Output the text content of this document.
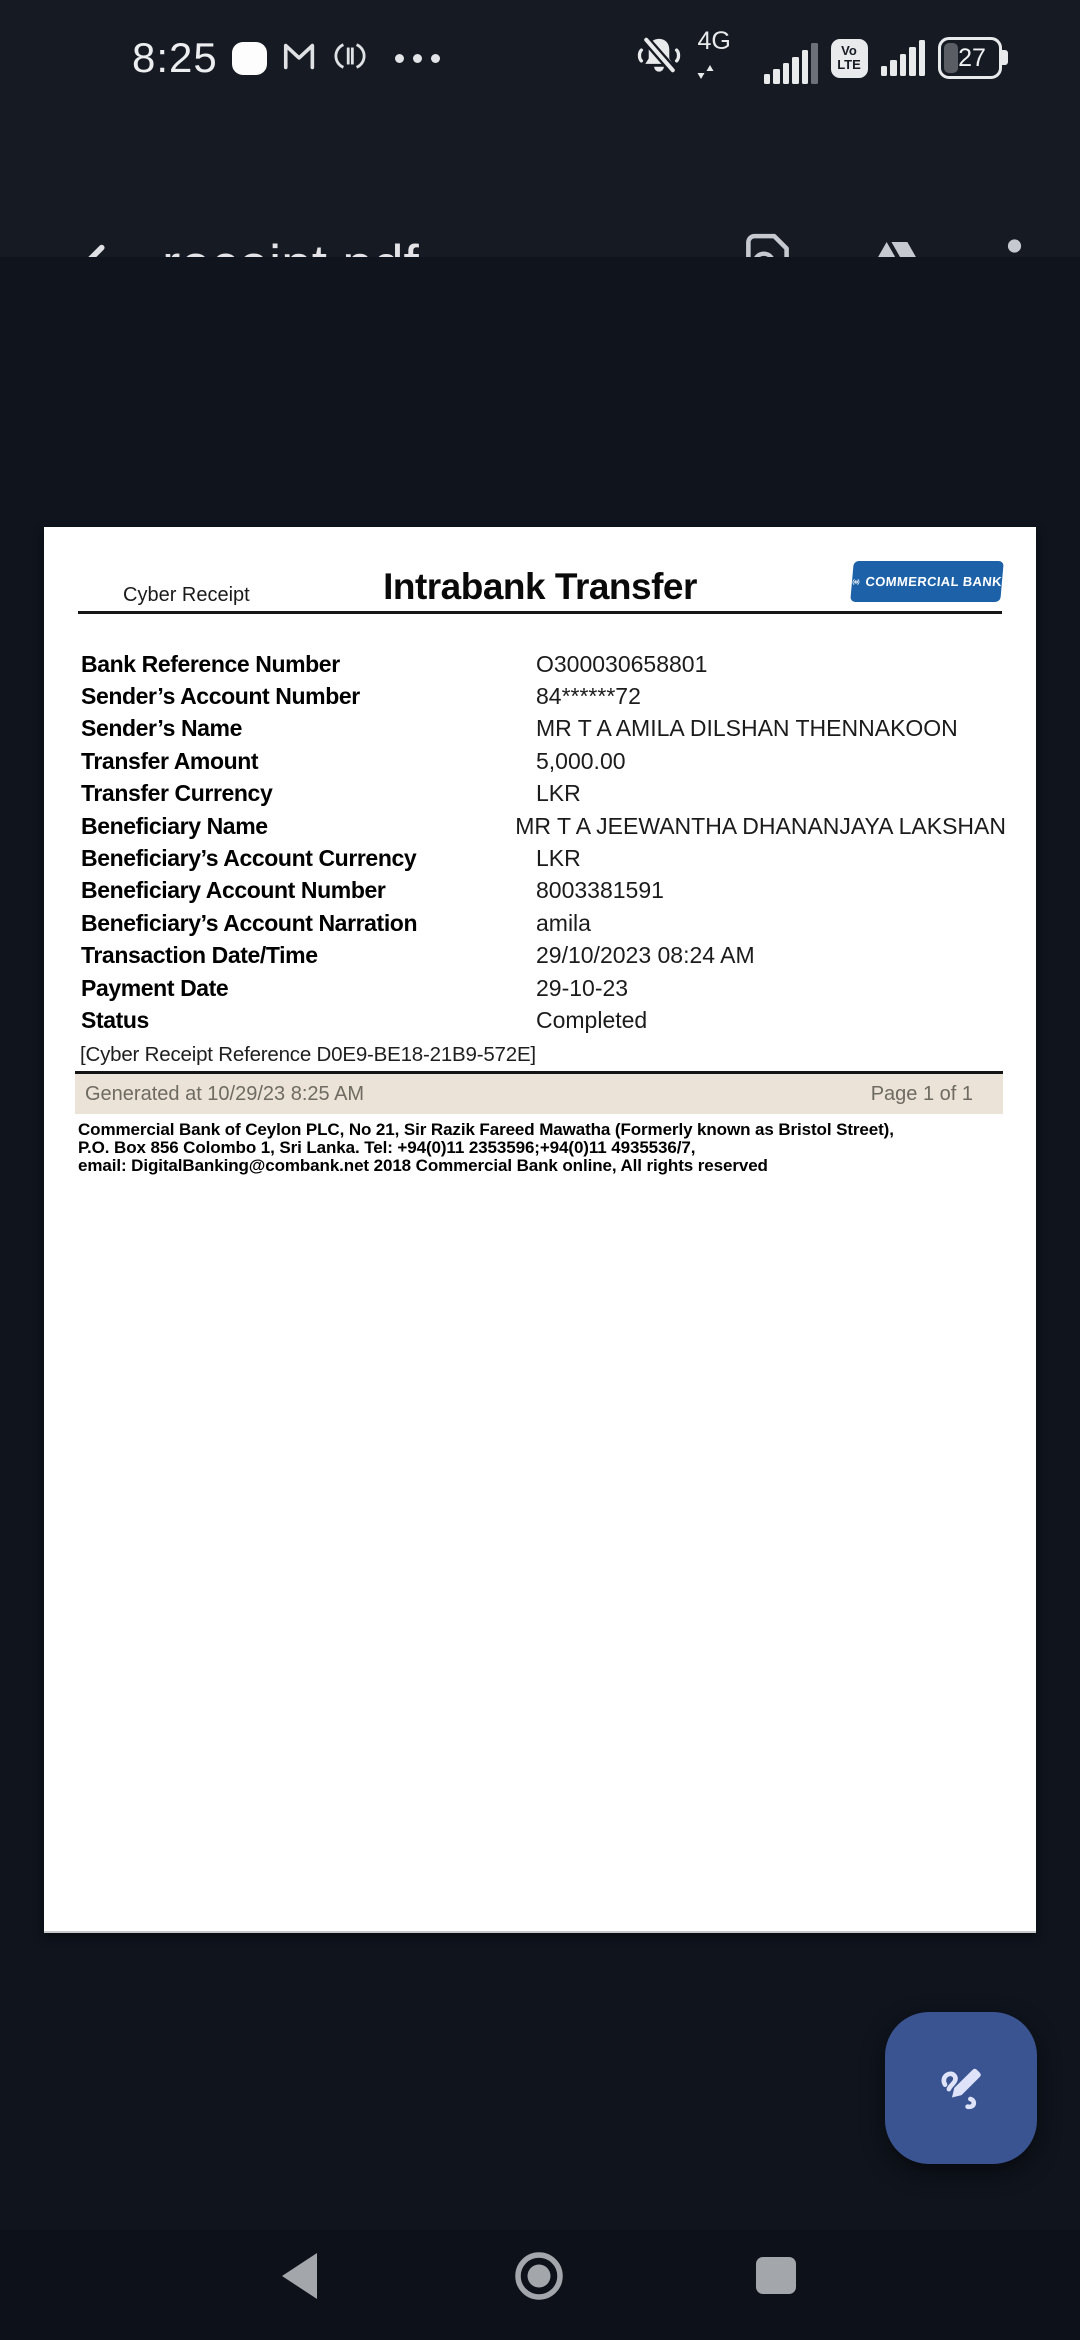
8:25	4G	Vo
LTE	27
Cyber Receipt	Intrabank Transfer	COMMERCIAL BANK
Bank Reference Number	O300030658801
Sender’s Account Number	84******72
Sender’s Name	MR T A AMILA DILSHAN THENNAKOON
Transfer Amount	5,000.00
Transfer Currency	LKR
Beneficiary Name	MR T A JEEWANTHA DHANANJAYA LAKSHAN
Beneficiary’s Account Currency	LKR
Beneficiary Account Number	8003381591
Beneficiary’s Account Narration	amila
Transaction Date/Time	29/10/2023 08:24 AM
Payment Date	29-10-23
Status	Completed
[Cyber Receipt Reference D0E9-BE18-21B9-572E]
Generated at 10/29/23 8:25 AM	Page 1 of 1
Commercial Bank of Ceylon PLC, No 21, Sir Razik Fareed Mawatha (Formerly known as Bristol Street),
P.O. Box 856 Colombo 1, Sri Lanka. Tel: +94(0)11 2353596;+94(0)11 4935536/7,
email: DigitalBanking@combank.net 2018 Commercial Bank online, All rights reserved
